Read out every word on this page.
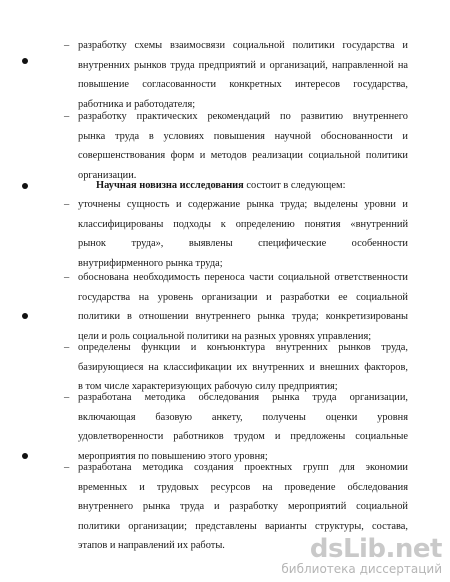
– разработку схемы взаимосвязи социальной политики государства и
внутренних рынков труда предприятий и организаций, направленной на
повышение согласованности конкретных интересов государства,
работника и работодателя;

– разработку практических рекомендаций по развитию внутреннего
рынка труда в условиях повышения научной обоснованности и
совершенствования форм и методов реализации социальной политики
организации.

Научная новизна исследования состоит в следующем:
– уточнены сущность и содержание рынка труда; выделены уровни и
классифицированы подходы к определению понятия «внутренний
рынок труда», выявлены специфические особенности
внутрифирменного рынка труда;

– обоснована необходимость переноса части социальной ответственности
государства на уровень организации и разработки ее социальной
политики в отношении внутреннего рынка труда; конкретизированы
цели и роль социальной политики на разных уровнях управления;

– определены функции и конъюнктура внутренних рынков труда,
базирующиеся на классификации их внутренних и внешних факторов,
в том числе характеризующих рабочую силу предприятия;

– разработана методика обследования рынка труда организации,
включающая базовую анкету, получены оценки уровня
удовлетворенности работников трудом и предложены социальные
мероприятия по повышению этого уровня;

– разработана методика создания проектных групп для экономии
временных и трудовых ресурсов на проведение обследования
внутреннего рынка труда и разработку мероприятий социальной
политики организации; представлены варианты структуры, состава,
этапов и направлений их работы.	dsLib.net
библиотека диссертаций
